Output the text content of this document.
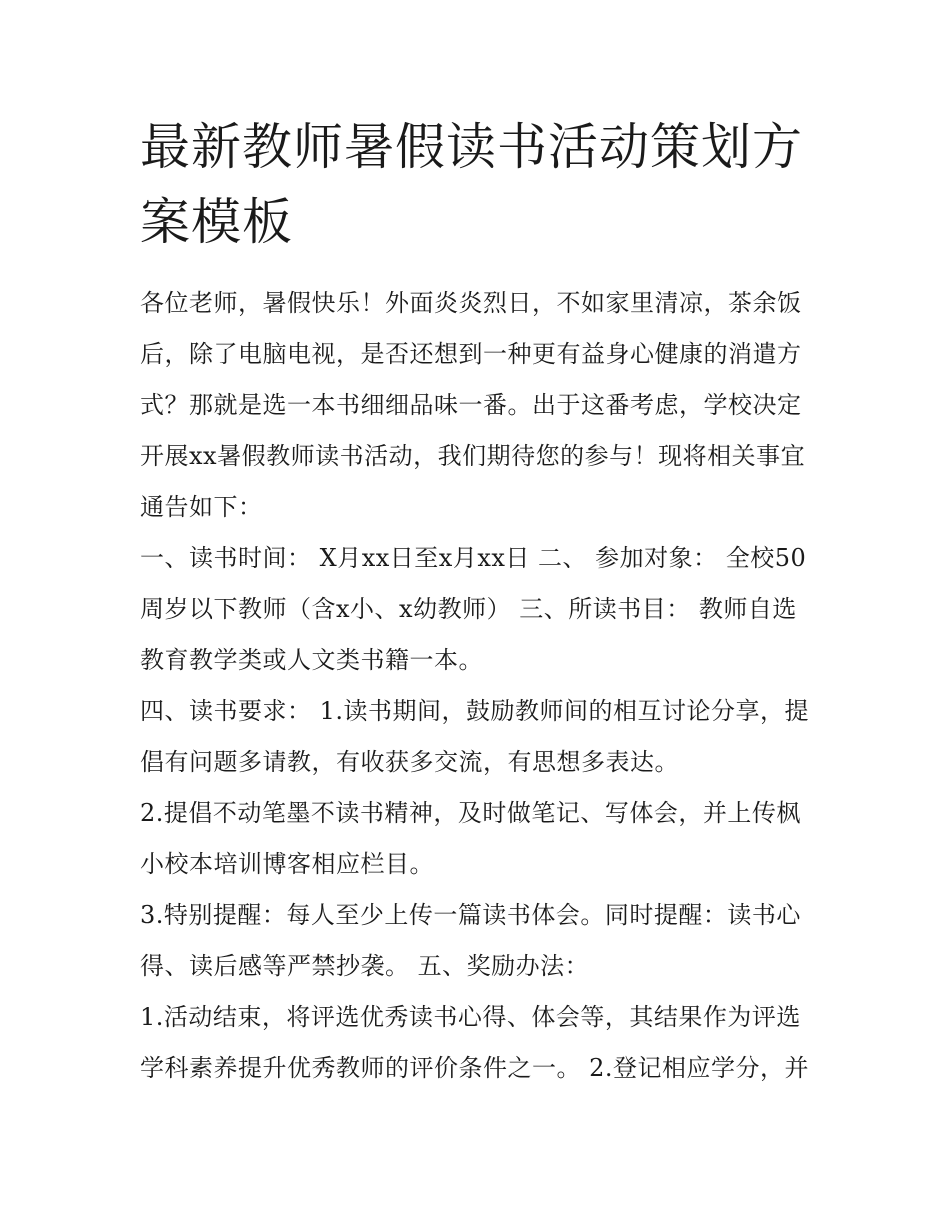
最新教师暑假读书活动策划方案模板

各位老师，暑假快乐！外面炎炎烈日，不如家里清凉，茶余饭后，除了电脑电视，是否还想到一种更有益身心健康的消遣方式？那就是选一本书细细品味一番。出于这番考虑，学校决定开展xx暑假教师读书活动，我们期待您的参与！现将相关事宜通告如下：

一、读书时间： X月xx日至x月xx日 二、 参加对象： 全校50周岁以下教师（含x小、x幼教师） 三、所读书目： 教师自选教育教学类或人文类书籍一本。

四、读书要求： 1.读书期间，鼓励教师间的相互讨论分享，提倡有问题多请教，有收获多交流，有思想多表达。

2.提倡不动笔墨不读书精神，及时做笔记、写体会，并上传枫小校本培训博客相应栏目。

3.特别提醒：每人至少上传一篇读书体会。同时提醒：读书心得、读后感等严禁抄袭。 五、奖励办法：

1.活动结束，将评选优秀读书心得、体会等，其结果作为评选学科素养提升优秀教师的评价条件之一。 2.登记相应学分，并
